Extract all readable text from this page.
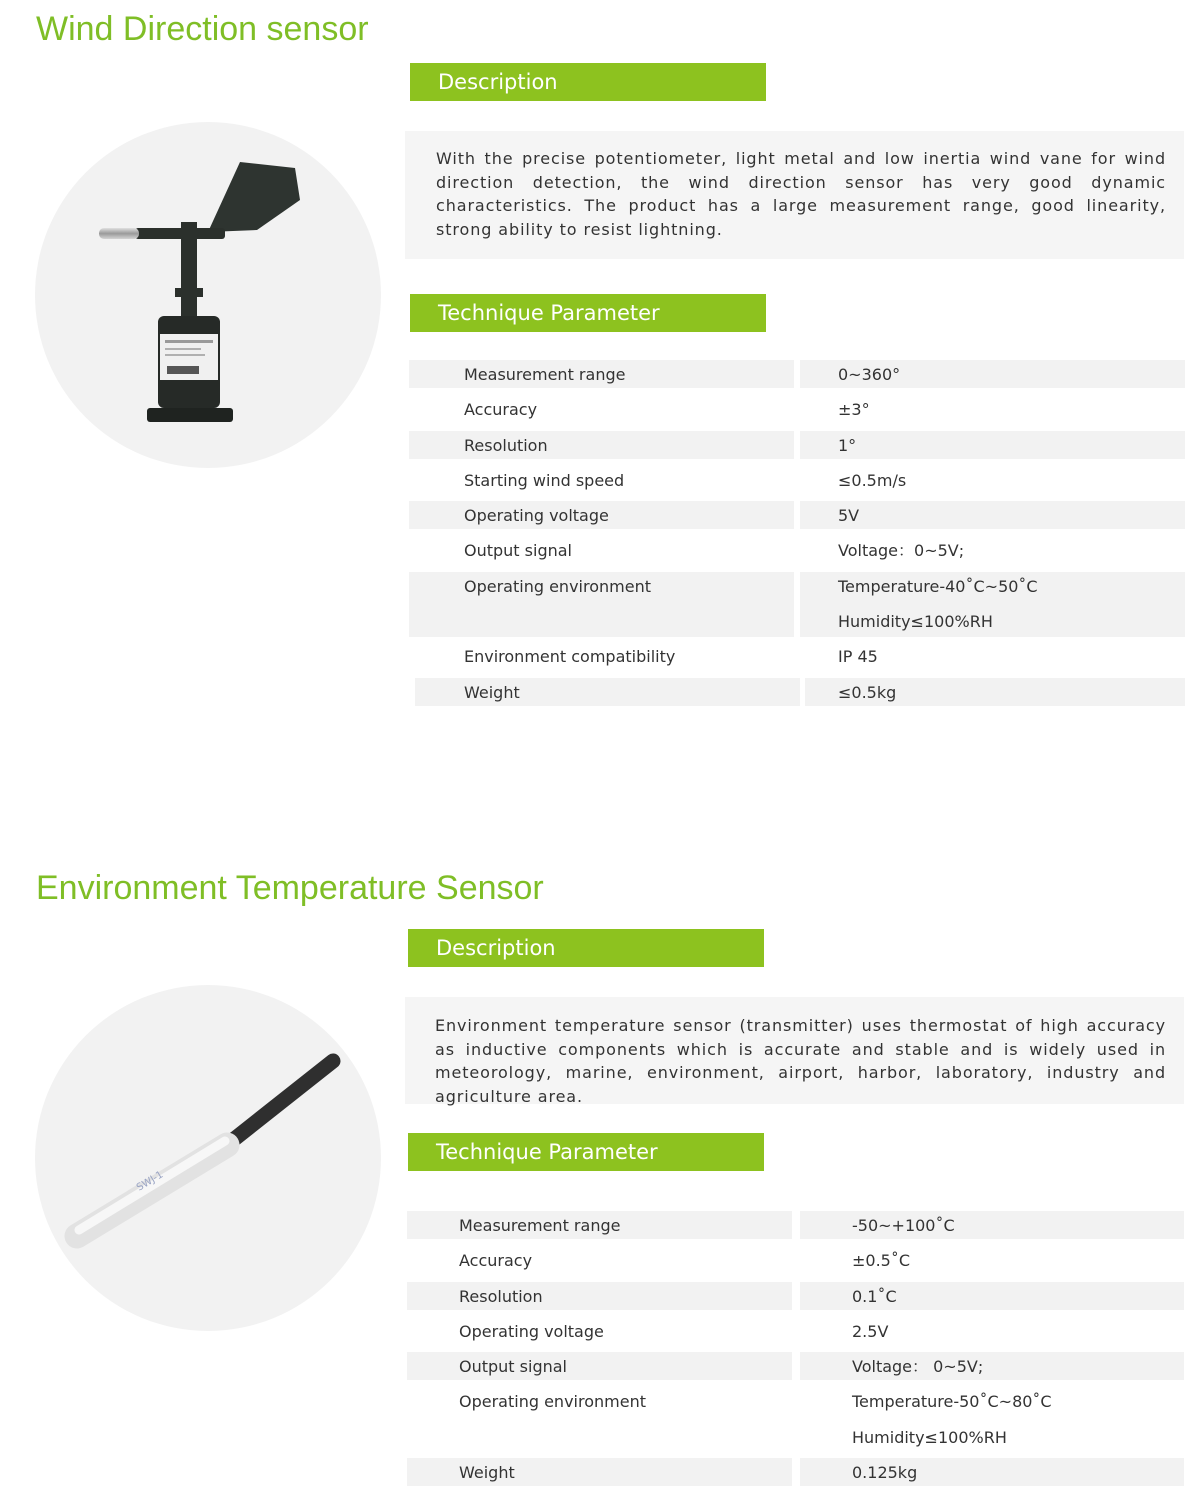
Wind Direction sensor
Description
With the precise potentiometer, light metal and low inertia wind vane for wind direction detection, the wind direction sensor has very good dynamic characteristics. The product has a large measurement range, good linearity, strong ability to resist lightning.
Technique Parameter
Measurement range	0~360°
Accuracy	±3°
Resolution	1°
Starting wind speed	≤0.5m/s
Operating voltage	5V
Output signal	Voltage：0~5V;
Operating environment	Temperature-40˚C~50˚C
Humidity≤100%RH
Environment compatibility	IP 45
Weight	≤0.5kg
Environment Temperature Sensor
SWJ-1
Description
Environment temperature sensor (transmitter) uses thermostat of high accuracy as inductive components which is accurate and stable and is widely used in meteorology, marine, environment, airport, harbor, laboratory, industry and agriculture area.
Technique Parameter
Measurement range	-50~+100˚C
Accuracy	±0.5˚C
Resolution	0.1˚C
Operating voltage	2.5V
Output signal	Voltage： 0~5V;
Operating environment	Temperature-50˚C~80˚C
Humidity≤100%RH
Weight	0.125kg
